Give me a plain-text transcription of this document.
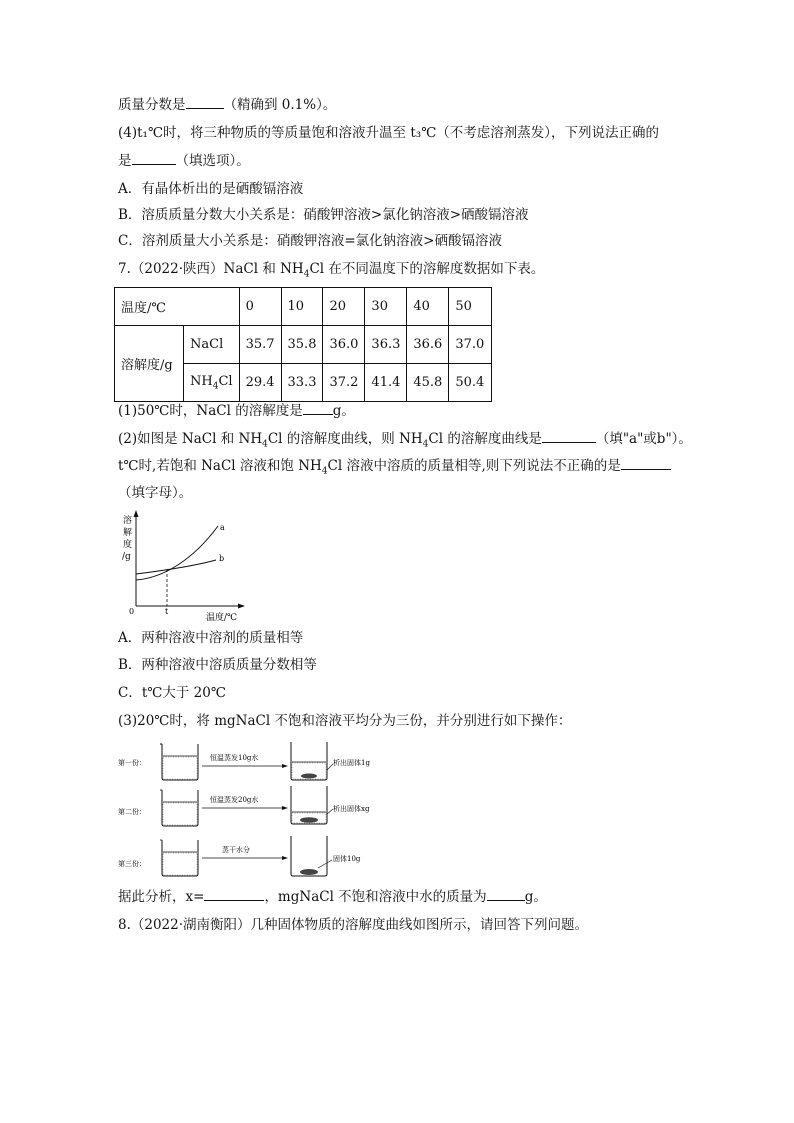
质量分数是	（精确到 0.1%）。
(4)t₁℃时，将三种物质的等质量饱和溶液升温至 t₃℃（不考虑溶剂蒸发），下列说法正确的
是	（填选项）。
A．有晶体析出的是硒酸镉溶液
B．溶质质量分数大小关系是：硝酸钾溶液>氯化钠溶液>硒酸镉溶液
C．溶剂质量大小关系是：硝酸钾溶液=氯化钠溶液>硒酸镉溶液
7.（2022·陕西）NaCl 和 $NH_4Cl$ 在不同温度下的溶解度数据如下表。
温度/℃		0	10	20	30	40	50
溶解度/g	NaCl	35.7	35.8	36.0	36.3	36.6	37.0
	$NH_4Cl$	29.4	33.3	37.2	41.4	45.8	50.4
(1)50℃时，NaCl 的溶解度是 g。
(2)如图是 NaCl 和 $NH_4Cl$ 的溶解度曲线，则 $NH_4Cl$ 的溶解度曲线是	（填"a"或b"）。
t℃时,若饱和 NaCl 溶液和饱 $NH_4Cl$ 溶液中溶质的质量相等,则下列说法不正确的是
（填字母）。
溶
解
度
/g
0	t
温度/℃
a
b
A．两种溶液中溶剂的质量相等
B．两种溶液中溶质质量分数相等
C．t℃大于 20℃
(3)20℃时，将 mgNaCl 不饱和溶液平均分为三份，并分别进行如下操作：
第一份：
恒温蒸发10g水
析出固体1g
第二份：
恒温蒸发20g水
析出固体xg
第三份：
蒸干水分
固体10g
据此分析，x=	，mgNaCl 不饱和溶液中水的质量为	g。
8.（2022·湖南衡阳）几种固体物质的溶解度曲线如图所示，请回答下列问题。
